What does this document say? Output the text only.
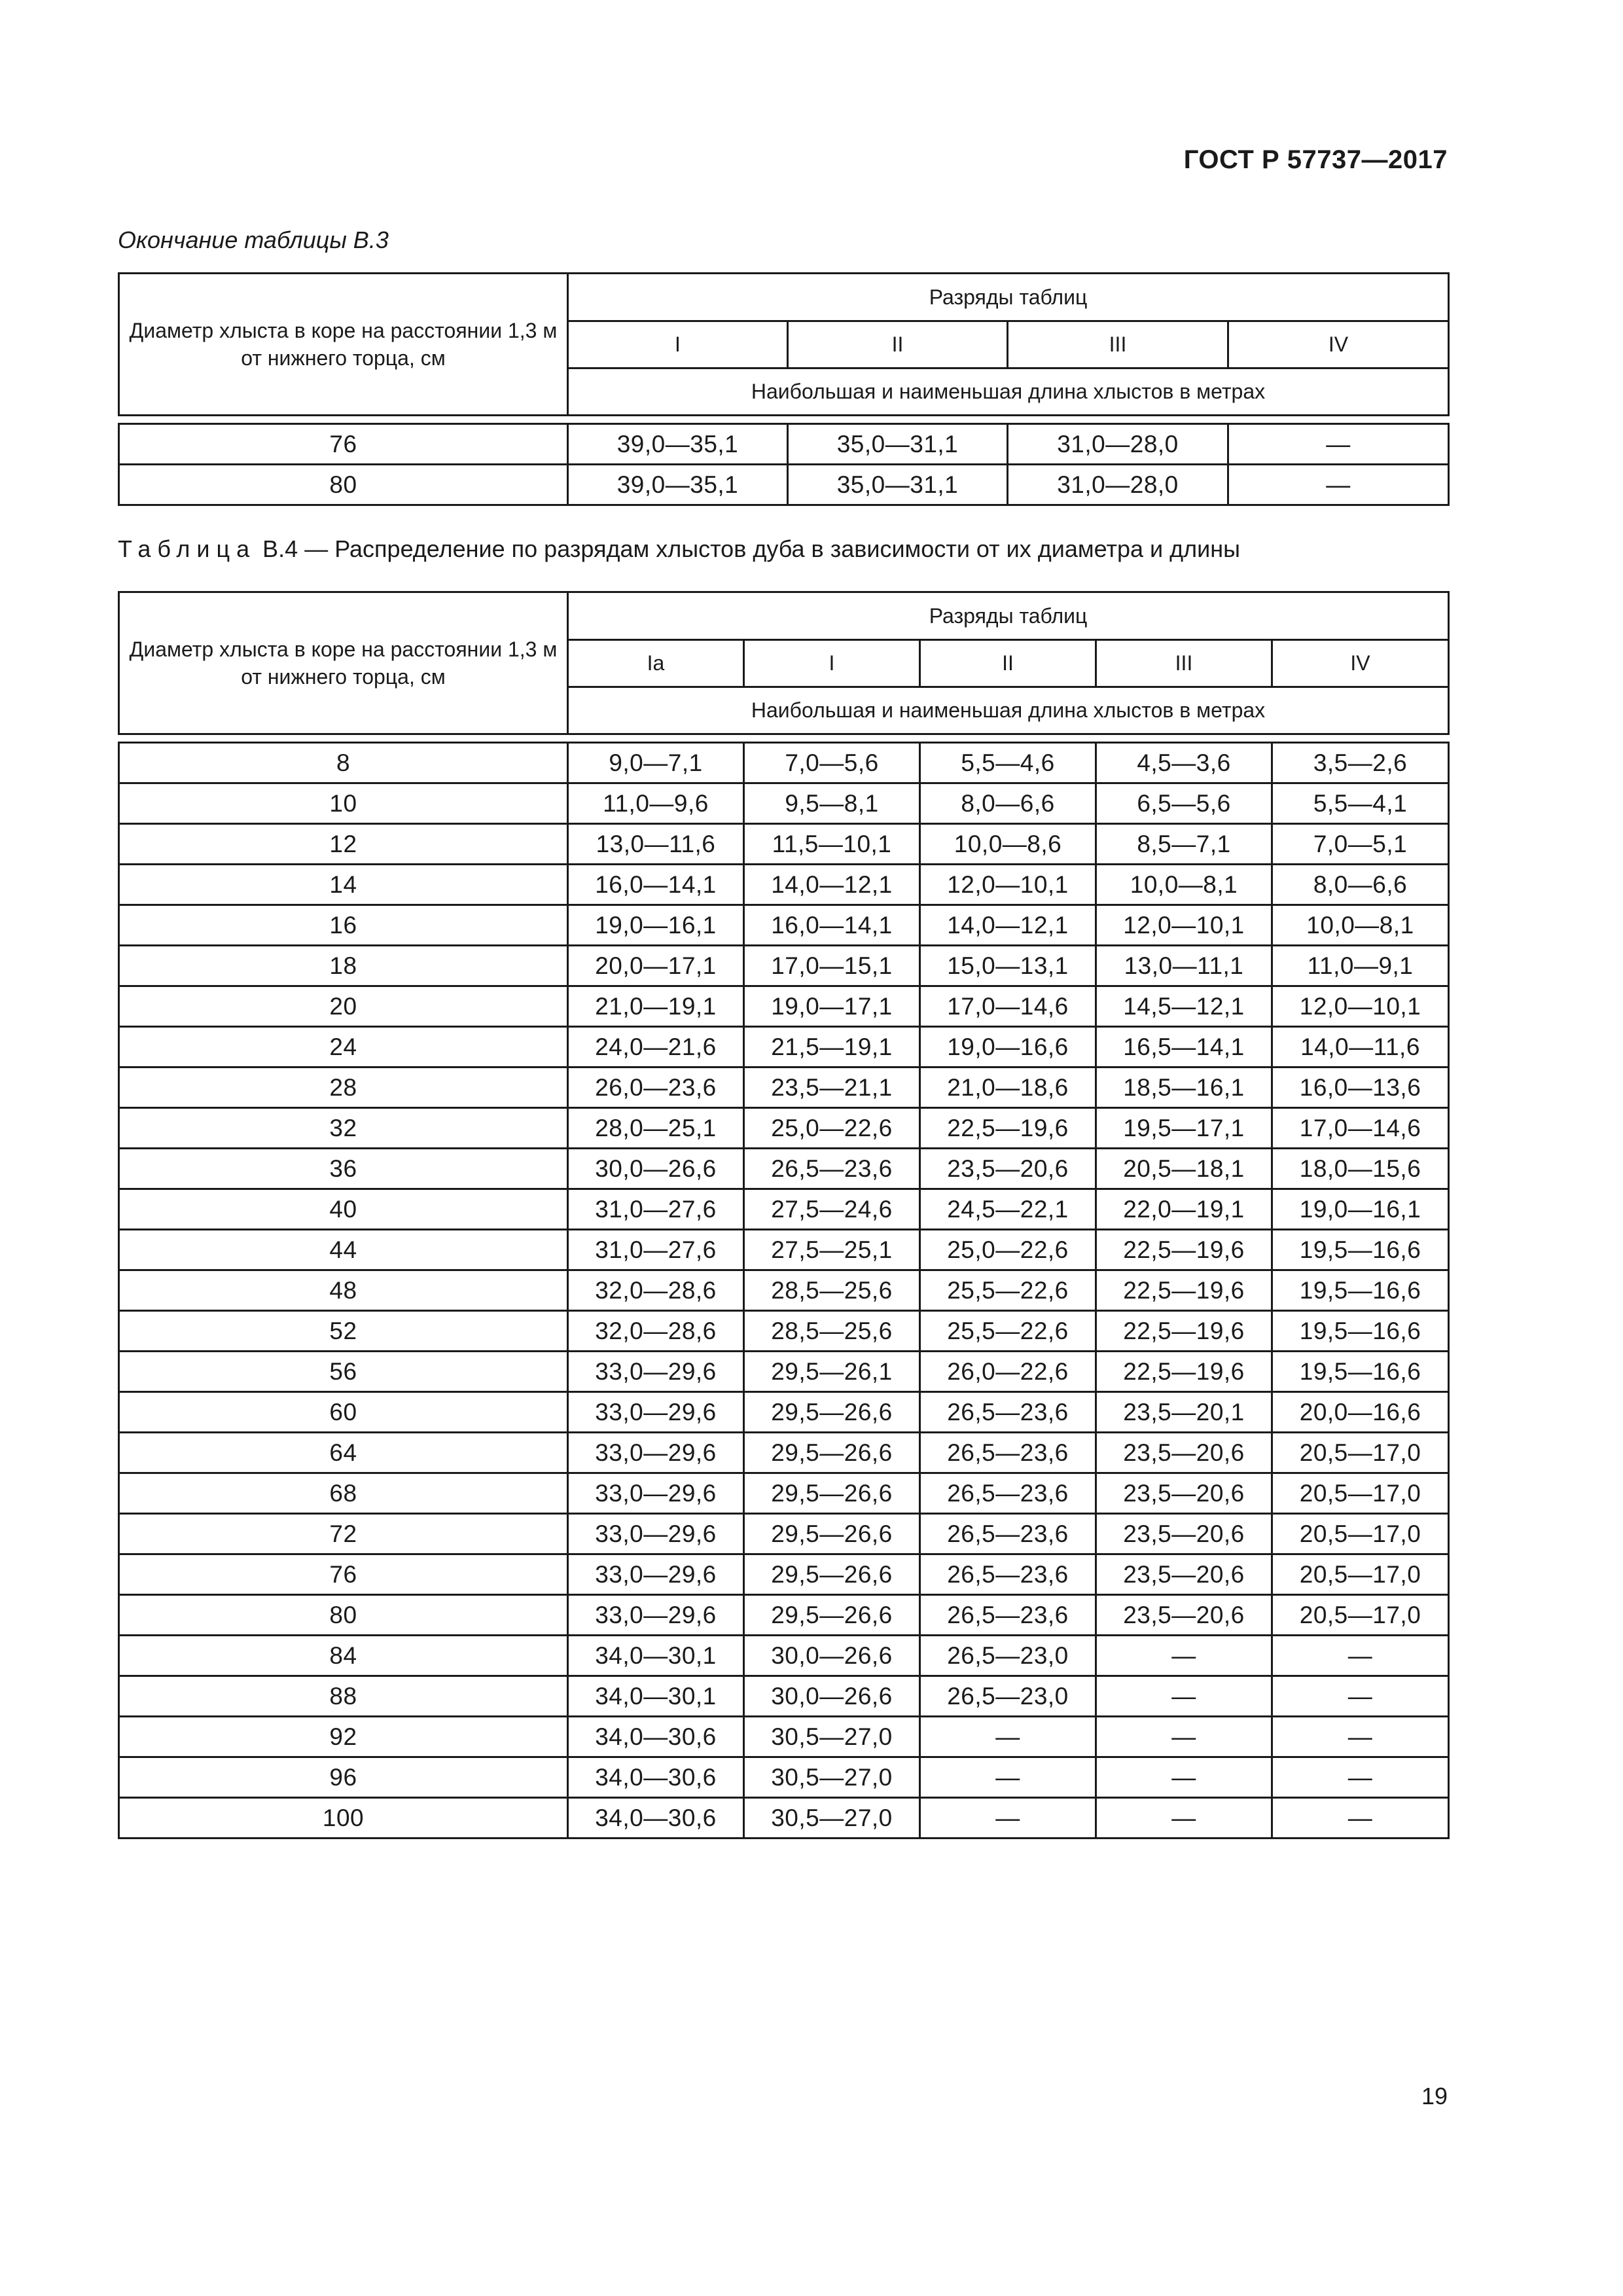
ГОСТ Р 57737—2017
Окончание таблицы В.3
Диаметр хлыста в коре на расстоянии 1,3 м от нижнего торца, см	Разряды таблиц			
	I	II	III	IV
	Наибольшая и наименьшая длина хлыстов в метрах			

76	39,0—35,1	35,0—31,1	31,0—28,0	—
80	39,0—35,1	35,0—31,1	31,0—28,0	—
Таблица В.4 — Распределение по разрядам хлыстов дуба в зависимости от их диаметра и длины
Диаметр хлыста в коре на расстоянии 1,3 м от нижнего торца, см	Разряды таблиц				
	Ia	I	II	III	IV
	Наибольшая и наименьшая длина хлыстов в метрах				

8	9,0—7,1	7,0—5,6	5,5—4,6	4,5—3,6	3,5—2,6
10	11,0—9,6	9,5—8,1	8,0—6,6	6,5—5,6	5,5—4,1
12	13,0—11,6	11,5—10,1	10,0—8,6	8,5—7,1	7,0—5,1
14	16,0—14,1	14,0—12,1	12,0—10,1	10,0—8,1	8,0—6,6
16	19,0—16,1	16,0—14,1	14,0—12,1	12,0—10,1	10,0—8,1
18	20,0—17,1	17,0—15,1	15,0—13,1	13,0—11,1	11,0—9,1
20	21,0—19,1	19,0—17,1	17,0—14,6	14,5—12,1	12,0—10,1
24	24,0—21,6	21,5—19,1	19,0—16,6	16,5—14,1	14,0—11,6
28	26,0—23,6	23,5—21,1	21,0—18,6	18,5—16,1	16,0—13,6
32	28,0—25,1	25,0—22,6	22,5—19,6	19,5—17,1	17,0—14,6
36	30,0—26,6	26,5—23,6	23,5—20,6	20,5—18,1	18,0—15,6
40	31,0—27,6	27,5—24,6	24,5—22,1	22,0—19,1	19,0—16,1
44	31,0—27,6	27,5—25,1	25,0—22,6	22,5—19,6	19,5—16,6
48	32,0—28,6	28,5—25,6	25,5—22,6	22,5—19,6	19,5—16,6
52	32,0—28,6	28,5—25,6	25,5—22,6	22,5—19,6	19,5—16,6
56	33,0—29,6	29,5—26,1	26,0—22,6	22,5—19,6	19,5—16,6
60	33,0—29,6	29,5—26,6	26,5—23,6	23,5—20,1	20,0—16,6
64	33,0—29,6	29,5—26,6	26,5—23,6	23,5—20,6	20,5—17,0
68	33,0—29,6	29,5—26,6	26,5—23,6	23,5—20,6	20,5—17,0
72	33,0—29,6	29,5—26,6	26,5—23,6	23,5—20,6	20,5—17,0
76	33,0—29,6	29,5—26,6	26,5—23,6	23,5—20,6	20,5—17,0
80	33,0—29,6	29,5—26,6	26,5—23,6	23,5—20,6	20,5—17,0
84	34,0—30,1	30,0—26,6	26,5—23,0	—	—
88	34,0—30,1	30,0—26,6	26,5—23,0	—	—
92	34,0—30,6	30,5—27,0	—	—	—
96	34,0—30,6	30,5—27,0	—	—	—
100	34,0—30,6	30,5—27,0	—	—	—
19
